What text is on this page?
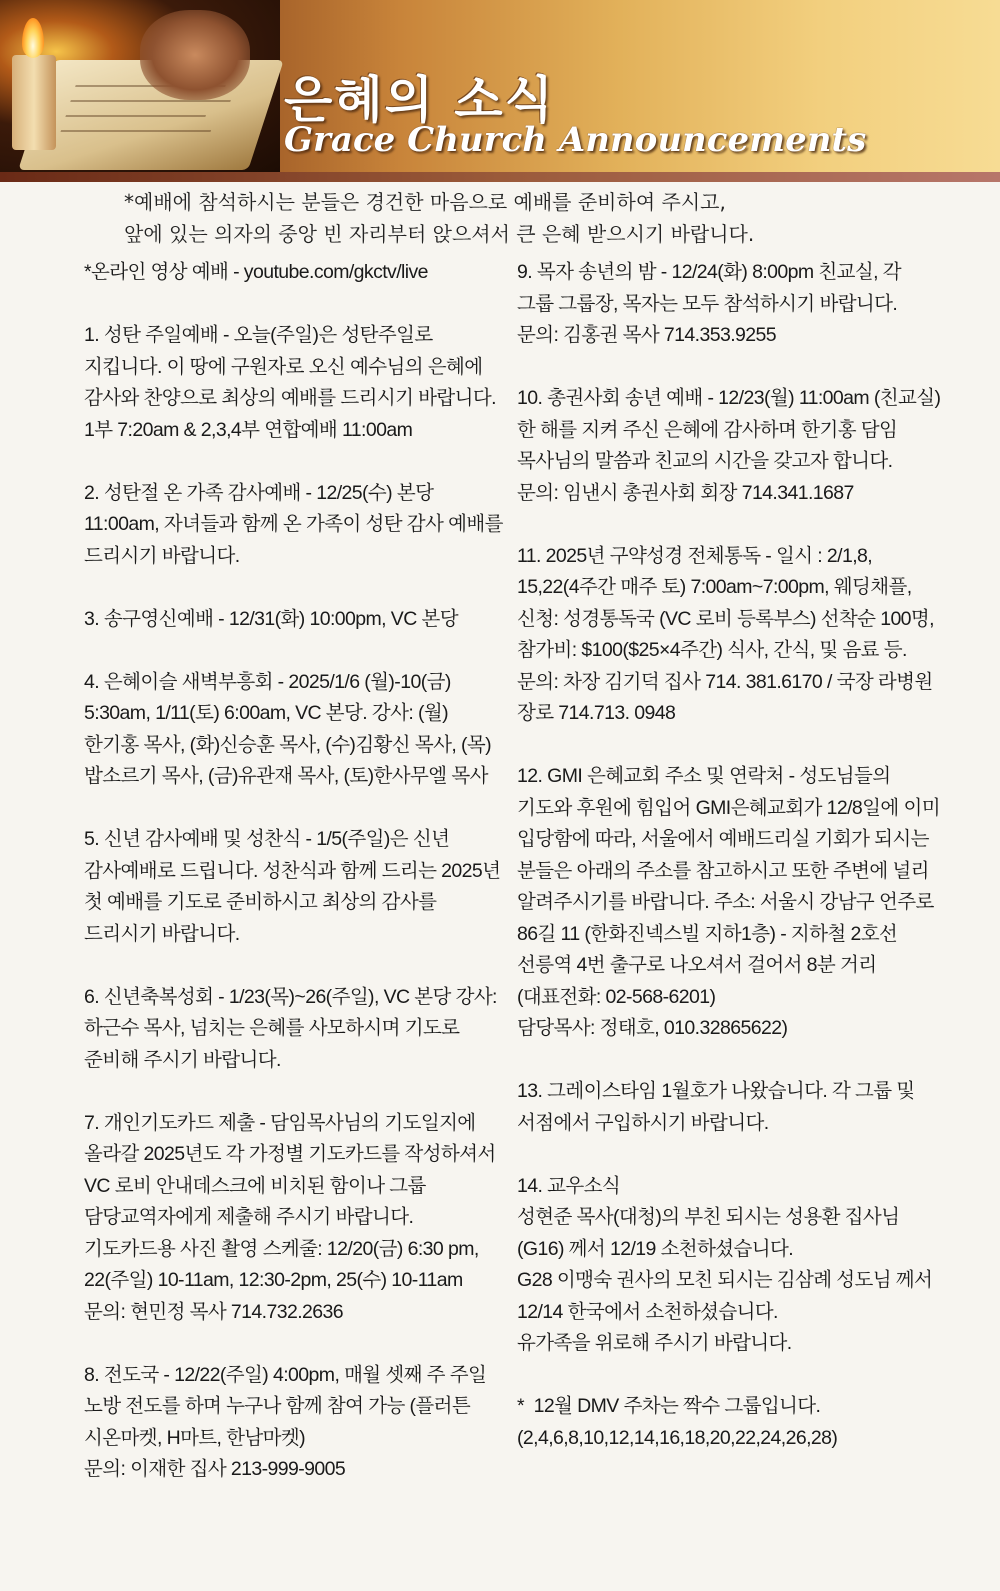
은혜의 소식
Grace Church Announcements
*예배에 참석하시는 분들은 경건한 마음으로 예배를 준비하여 주시고,
앞에 있는 의자의 중앙 빈 자리부터 앉으셔서 큰 은혜 받으시기 바랍니다.
*온라인 영상 예배 - youtube.com/gkctv/live
1. 성탄 주일예배 - 오늘(주일)은 성탄주일로 지킵니다. 이 땅에 구원자로 오신 예수님의 은혜에 감사와 찬양으로 최상의 예배를 드리시기 바랍니다. 1부 7:20am & 2,3,4부 연합예배 11:00am
2. 성탄절 온 가족 감사예배 - 12/25(수) 본당 11:00am, 자녀들과 함께 온 가족이 성탄 감사 예배를 드리시기 바랍니다.
3. 송구영신예배 - 12/31(화) 10:00pm, VC 본당
4. 은혜이슬 새벽부흥회 - 2025/1/6 (월)-10(금) 5:30am, 1/11(토) 6:00am, VC 본당. 강사: (월) 한기홍 목사, (화)신승훈 목사, (수)김황신 목사, (목)밥소르기 목사, (금)유관재 목사, (토)한사무엘 목사
5. 신년 감사예배 및 성찬식 - 1/5(주일)은 신년 감사예배로 드립니다. 성찬식과 함께 드리는 2025년 첫 예배를 기도로 준비하시고 최상의 감사를 드리시기 바랍니다.
6. 신년축복성회 - 1/23(목)~26(주일), VC 본당 강사: 하근수 목사, 넘치는 은혜를 사모하시며 기도로 준비해 주시기 바랍니다.
7. 개인기도카드 제출 - 담임목사님의 기도일지에 올라갈 2025년도 각 가정별 기도카드를 작성하셔서 VC 로비 안내데스크에 비치된 함이나 그룹 담당교역자에게 제출해 주시기 바랍니다. 기도카드용 사진 촬영 스케줄: 12/20(금) 6:30 pm, 22(주일) 10-11am, 12:30-2pm, 25(수) 10-11am  문의: 현민정 목사 714.732.2636
8. 전도국 - 12/22(주일) 4:00pm, 매월 셋째 주 주일 노방 전도를 하며 누구나 함께 참여 가능 (플러튼 시온마켓, H마트, 한남마켓)
문의: 이재한 집사 213-999-9005
9. 목자 송년의 밤 - 12/24(화) 8:00pm 친교실, 각 그룹 그룹장, 목자는 모두 참석하시기 바랍니다. 문의: 김홍권 목사 714.353.9255
10. 총권사회 송년 예배 - 12/23(월) 11:00am (친교실) 한 해를 지켜 주신 은혜에 감사하며 한기홍 담임 목사님의 말씀과 친교의 시간을 갖고자 합니다.
문의: 임낸시 총권사회 회장 714.341.1687
11. 2025년 구약성경 전체통독 - 일시 : 2/1,8, 15,22(4주간 매주 토) 7:00am~7:00pm, 웨딩채플, 신청: 성경통독국 (VC 로비 등록부스) 선착순 100명, 참가비: $100($25×4주간) 식사, 간식, 및 음료 등. 문의: 차장 김기덕 집사 714. 381.6170 / 국장 라병원 장로 714.713. 0948
12. GMI 은혜교회 주소 및 연락처 - 성도님들의 기도와 후원에 힘입어 GMI은혜교회가 12/8일에 이미 입당함에 따라, 서울에서 예배드리실 기회가 되시는 분들은 아래의 주소를 참고하시고 또한 주변에 널리 알려주시기를 바랍니다. 주소: 서울시 강남구 언주로 86길 11 (한화진넥스빌 지하1층) - 지하철 2호선 선릉역 4번 출구로 나오셔서 걸어서 8분 거리 (대표전화: 02-568-6201)
담당목사: 정태호, 010.32865622)
13. 그레이스타임 1월호가 나왔습니다. 각 그룹 및 서점에서 구입하시기 바랍니다.
14. 교우소식
성현준 목사(대청)의 부친 되시는 성용환 집사님(G16) 께서 12/19 소천하셨습니다.
G28 이맹숙 권사의 모친 되시는 김삼례 성도님 께서 12/14 한국에서 소천하셨습니다.
유가족을 위로해 주시기 바랍니다.
*  12월 DMV 주차는 짝수 그룹입니다.
(2,4,6,8,10,12,14,16,18,20,22,24,26,28)
